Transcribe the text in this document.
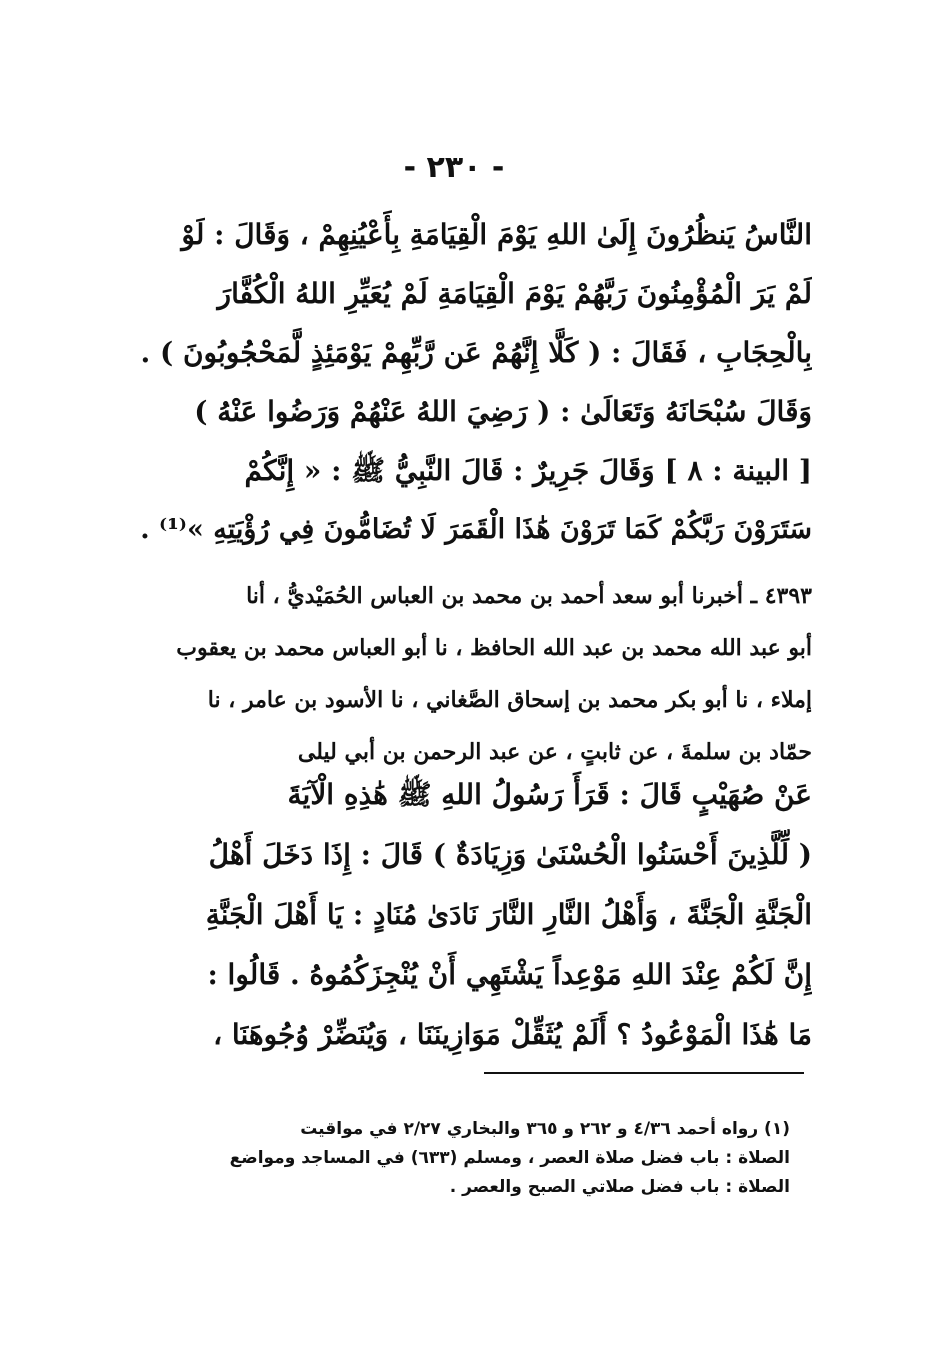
- ٢٣٠ -
النَّاسُ يَنظُرُونَ إِلَىٰ اللهِ يَوْمَ الْقِيَامَةِ بِأَعْيُنِهِمْ ، وَقَالَ : لَوْ
لَمْ يَرَ الْمُؤْمِنُونَ رَبَّهُمْ يَوْمَ الْقِيَامَةِ لَمْ يُعَيِّرِ اللهُ الْكُفَّارَ
بِالْحِجَابِ ، فَقَالَ : ( كَلَّا إِنَّهُمْ عَن رَّبِّهِمْ يَوْمَئِذٍ لَّمَحْجُوبُونَ ) .
وَقَالَ سُبْحَانَهُ وَتَعَالَىٰ : ( رَضِيَ اللهُ عَنْهُمْ وَرَضُوا عَنْهُ )
[ البينة : ٨ ] وَقَالَ جَرِيرٌ : قَالَ النَّبِيُّ ﷺ : « إِنَّكُمْ
سَتَرَوْنَ رَبَّكُمْ كَمَا تَرَوْنَ هَٰذَا الْقَمَرَ لَا تُضَامُّونَ فِي رُؤْيَتِهِ »⁽¹⁾ .
٤٣٩٣ ـ أخبرنا أبو سعد أحمد بن محمد بن العباس الحُمَيْديُّ ، أنا
أبو عبد الله محمد بن عبد الله الحافظ ، نا أبو العباس محمد بن يعقوب
إملاء ، نا أبو بكر محمد بن إسحاق الصَّغاني ، نا الأسود بن عامر ، نا
حمّاد بن سلمةَ ، عن ثابتٍ ، عن عبد الرحمن بن أبي ليلى
عَنْ صُهَيْبٍ قَالَ : قَرَأَ رَسُولُ اللهِ ﷺ هَٰذِهِ الْآيَةَ
( لِّلَّذِينَ أَحْسَنُوا الْحُسْنَىٰ وَزِيَادَةٌ ) قَالَ : إِذَا دَخَلَ أَهْلُ
الْجَنَّةِ الْجَنَّةَ ، وَأَهْلُ النَّارِ النَّارَ نَادَىٰ مُنَادٍ : يَا أَهْلَ الْجَنَّةِ
إِنَّ لَكُمْ عِنْدَ اللهِ مَوْعِداً يَشْتَهِي أَنْ يُنْجِزَكُمُوهُ . قَالُوا :
مَا هَٰذَا الْمَوْعُودُ ؟ أَلَمْ يُثَقِّلْ مَوَازِينَنَا ، وَيُنَضِّرْ وُجُوهَنَا ،
(١) رواه أحمد ٤/٣٦ و ٢٦٢ و ٣٦٥ والبخاري ٢/٢٧ في مواقيت
الصلاة : باب فضل صلاة العصر ، ومسلم (٦٣٣) في المساجد ومواضع
الصلاة : باب فضل صلاتي الصبح والعصر .
